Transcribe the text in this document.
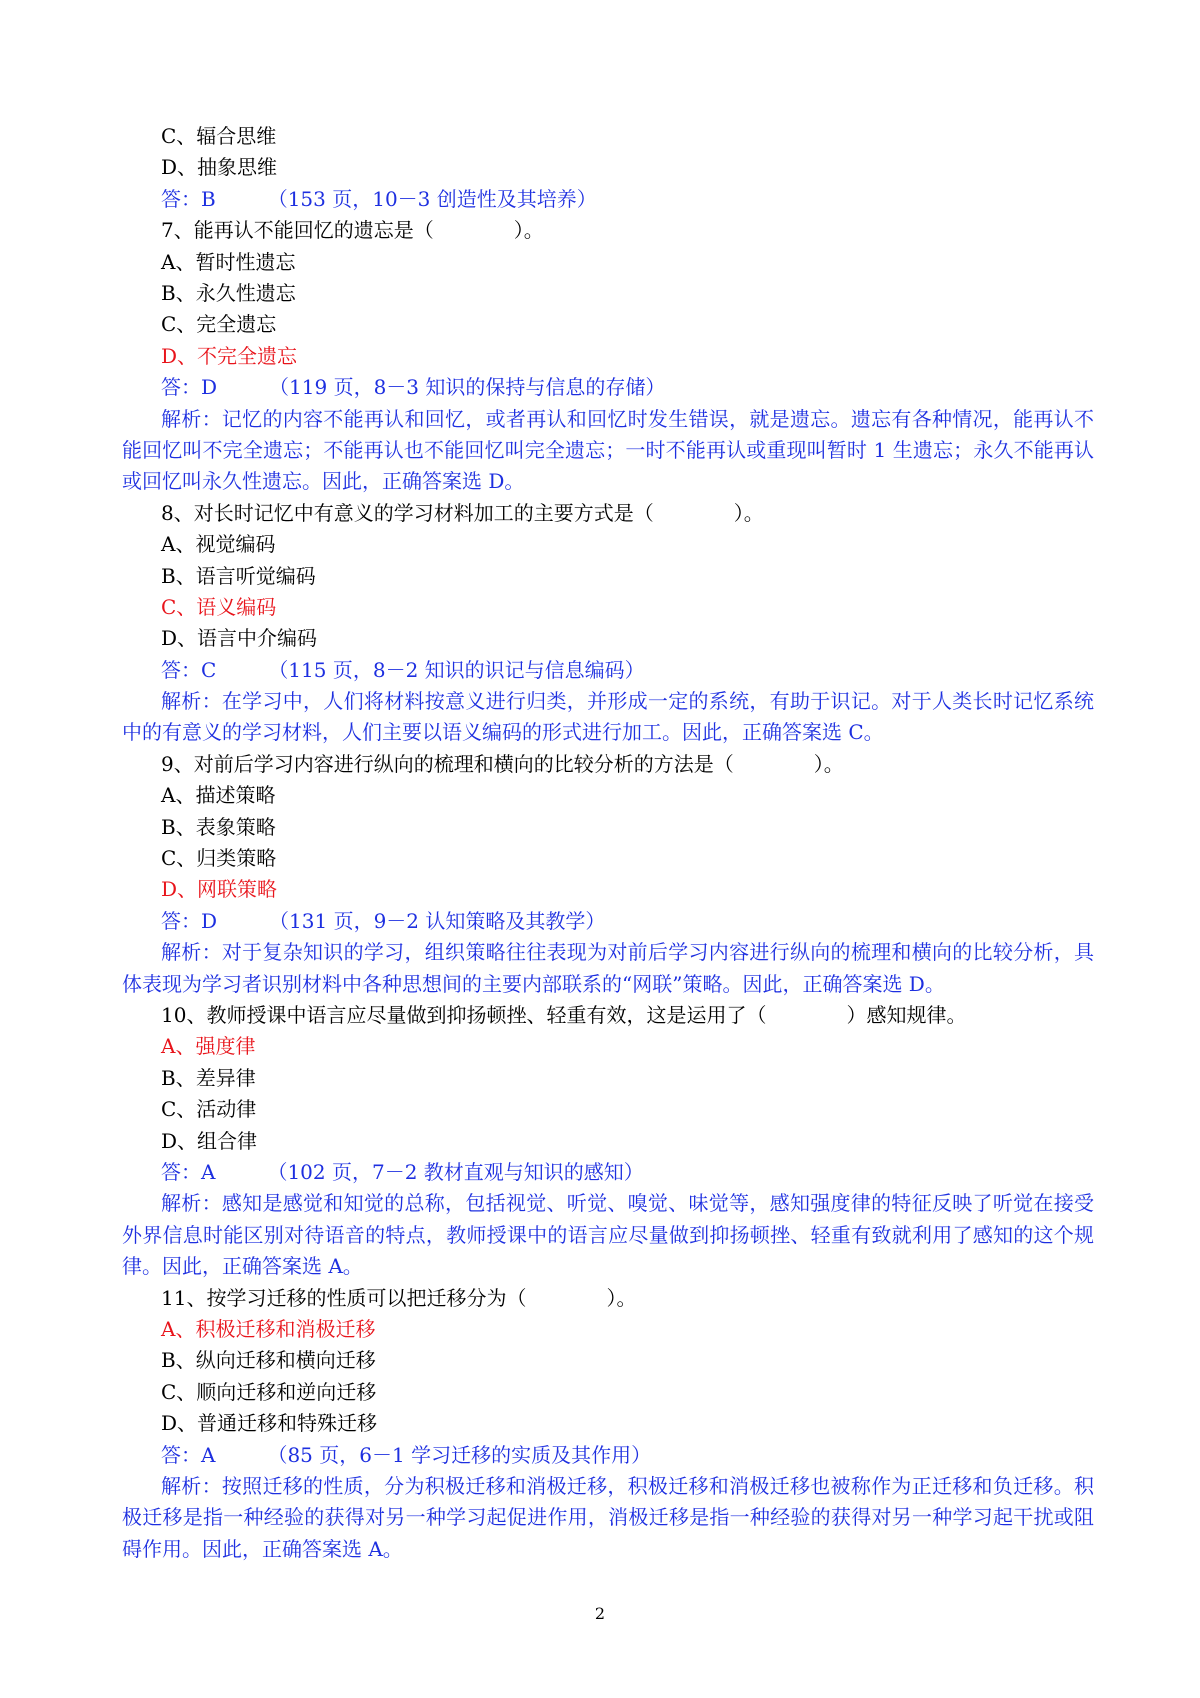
C、辐合思维
D、抽象思维
答：B	（153 页，10－3 创造性及其培养）
7、能再认不能回忆的遗忘是（　　　　）。
A、暂时性遗忘
B、永久性遗忘
C、完全遗忘
D、不完全遗忘
答：D	（119 页，8－3 知识的保持与信息的存储）
解析：记忆的内容不能再认和回忆，或者再认和回忆时发生错误，就是遗忘。遗忘有各种情况，能再认不能回忆叫不完全遗忘；不能再认也不能回忆叫完全遗忘；一时不能再认或重现叫暂时 1 生遗忘；永久不能再认或回忆叫永久性遗忘。因此，正确答案选 D。
8、对长时记忆中有意义的学习材料加工的主要方式是（　　　　）。
A、视觉编码
B、语言听觉编码
C、语义编码
D、语言中介编码
答：C	（115 页，8－2 知识的识记与信息编码）
解析：在学习中，人们将材料按意义进行归类，并形成一定的系统，有助于识记。对于人类长时记忆系统中的有意义的学习材料，人们主要以语义编码的形式进行加工。因此，正确答案选 C。
9、对前后学习内容进行纵向的梳理和横向的比较分析的方法是（　　　　）。
A、描述策略
B、表象策略
C、归类策略
D、网联策略
答：D	（131 页，9－2 认知策略及其教学）
解析：对于复杂知识的学习，组织策略往往表现为对前后学习内容进行纵向的梳理和横向的比较分析，具体表现为学习者识别材料中各种思想间的主要内部联系的“网联”策略。因此，正确答案选 D。
10、教师授课中语言应尽量做到抑扬顿挫、轻重有效，这是运用了（　　　　）感知规律。
A、强度律
B、差异律
C、活动律
D、组合律
答：A	（102 页，7－2 教材直观与知识的感知）
解析：感知是感觉和知觉的总称，包括视觉、听觉、嗅觉、味觉等，感知强度律的特征反映了听觉在接受外界信息时能区别对待语音的特点，教师授课中的语言应尽量做到抑扬顿挫、轻重有致就利用了感知的这个规律。因此，正确答案选 A。
11、按学习迁移的性质可以把迁移分为（　　　　）。
A、积极迁移和消极迁移
B、纵向迁移和横向迁移
C、顺向迁移和逆向迁移
D、普通迁移和特殊迁移
答：A	（85 页，6－1 学习迁移的实质及其作用）
解析：按照迁移的性质，分为积极迁移和消极迁移，积极迁移和消极迁移也被称作为正迁移和负迁移。积极迁移是指一种经验的获得对另一种学习起促进作用，消极迁移是指一种经验的获得对另一种学习起干扰或阻碍作用。因此，正确答案选 A。
2
